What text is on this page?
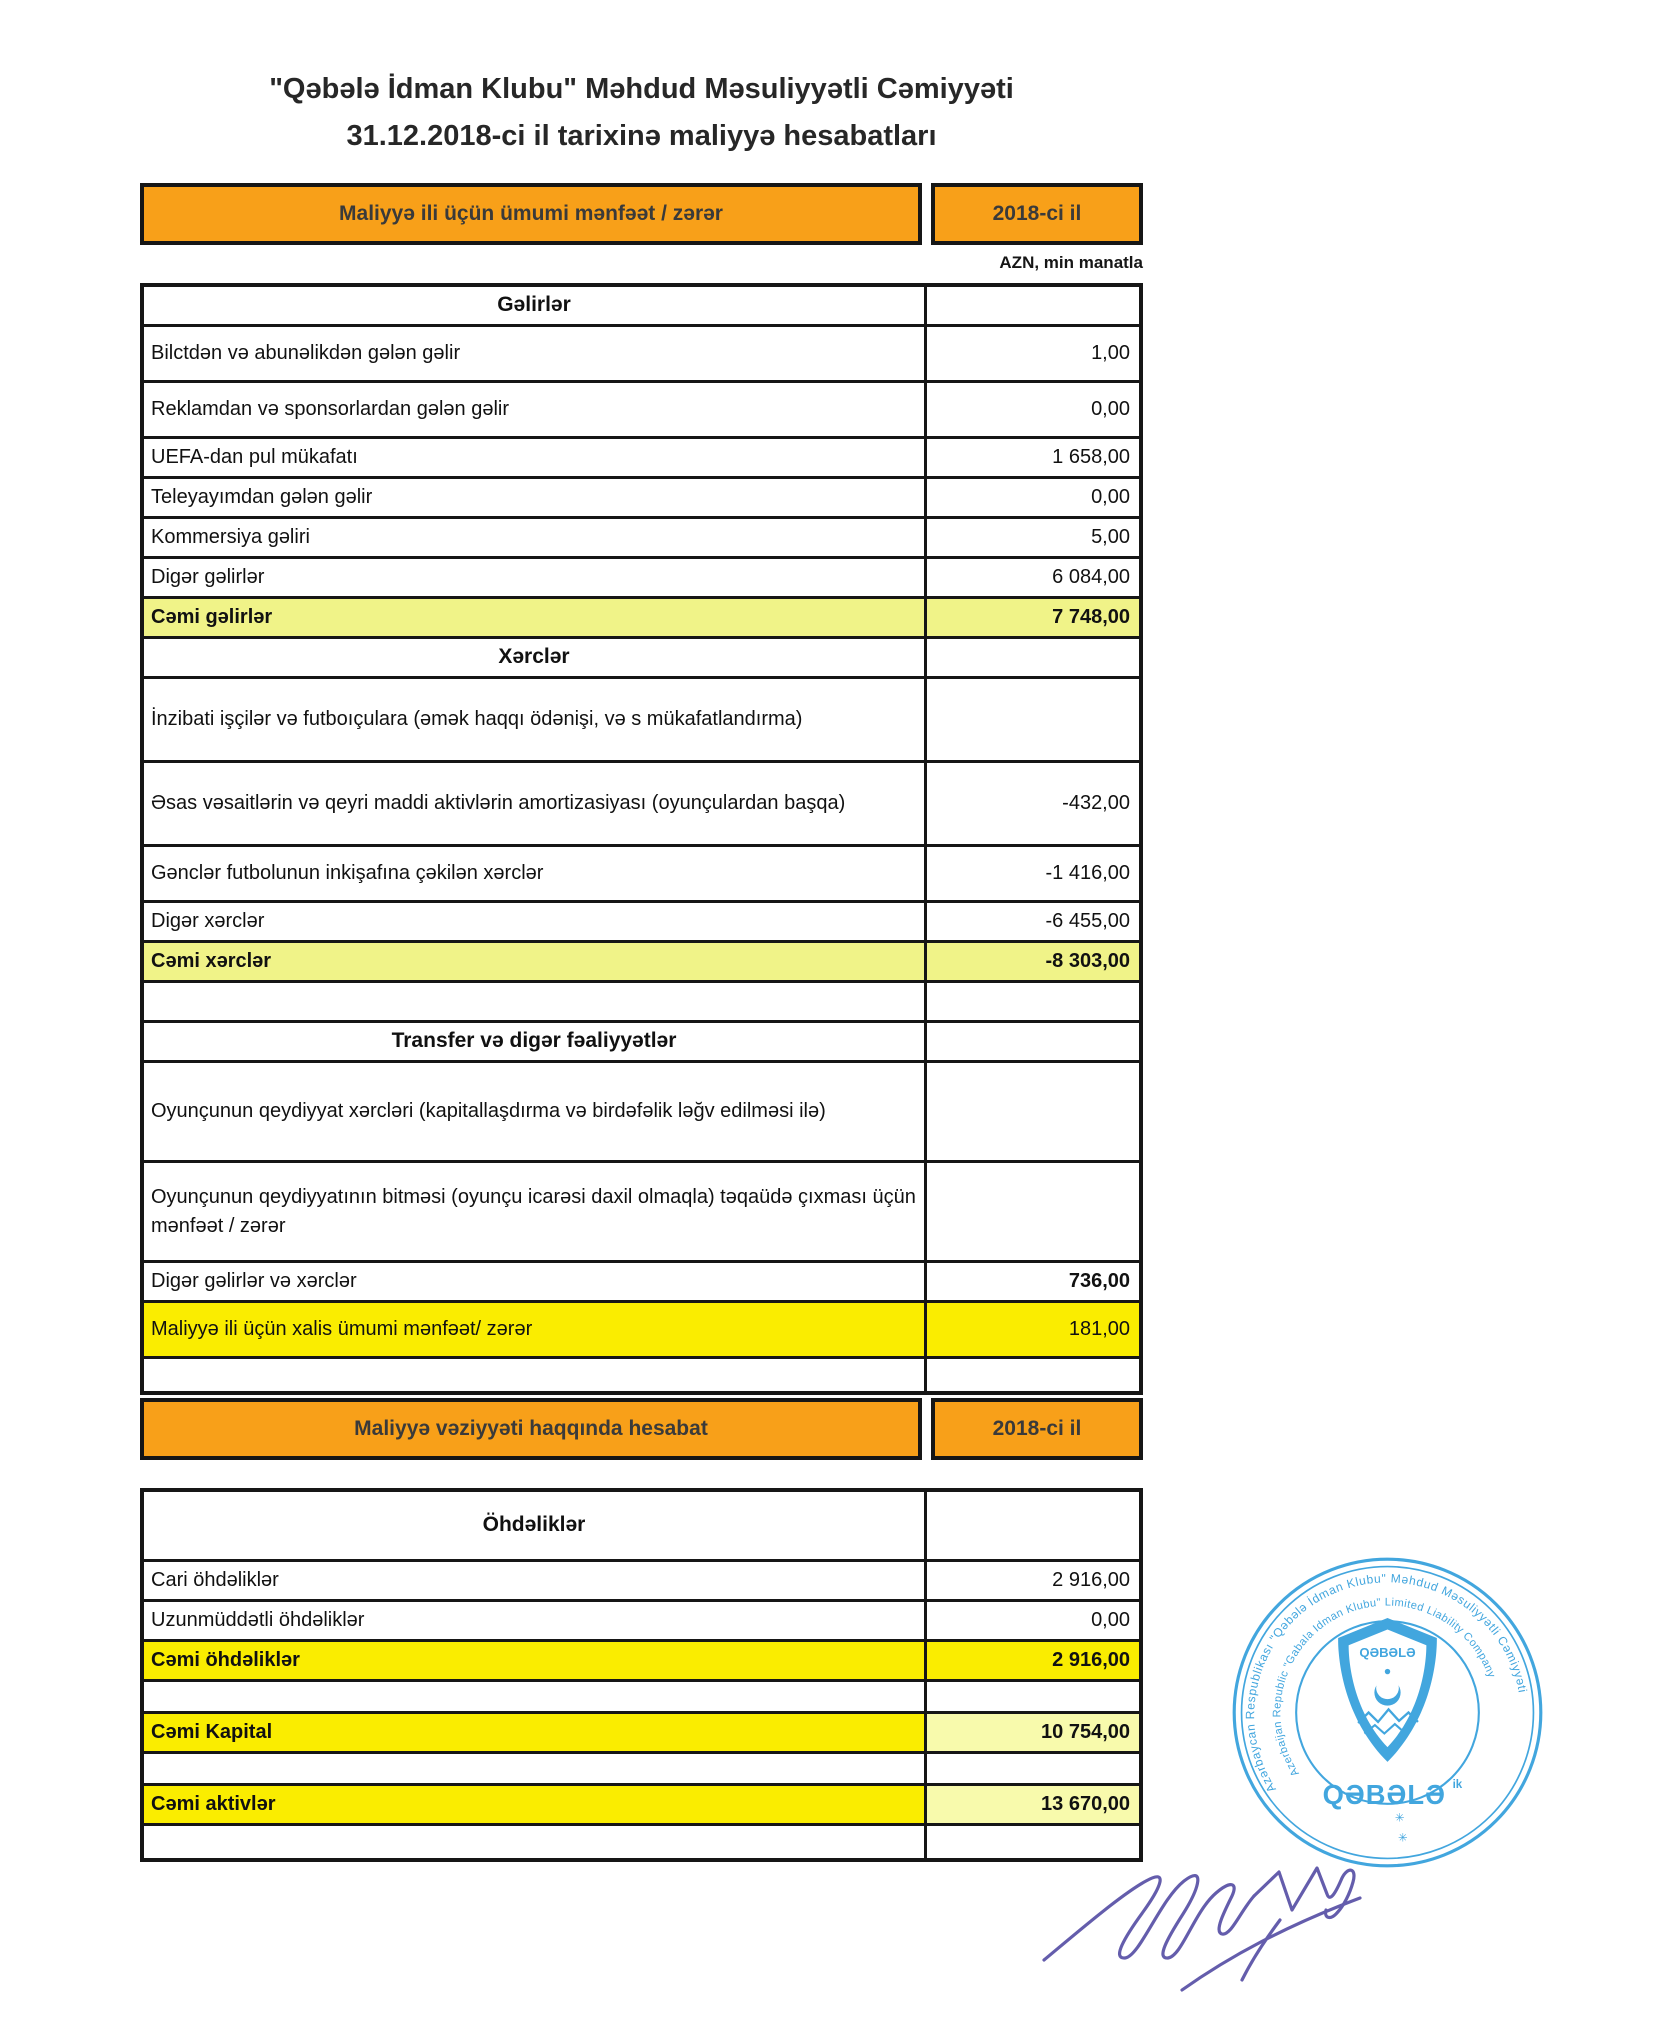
"Qəbələ İdman Klubu" Məhdud Məsuliyyətli Cəmiyyəti
31.12.2018-ci il tarixinə maliyyə hesabatları
Maliyyə ili üçün ümumi mənfəət / zərər	2018-ci il
AZN, min manatla
Gəlirlər
Bilctdən və abunəlikdən gələn gəlir	1,00
Reklamdan və sponsorlardan gələn gəlir	0,00
UEFA-dan pul mükafatı	1 658,00
Teleyayımdan gələn gəlir	0,00
Kommersiya gəliri	5,00
Digər gəlirlər	6 084,00
Cəmi gəlirlər	7 748,00
Xərclər
İnzibati işçilər və futboıçulara (əmək haqqı ödənişi, və s mükafatlandırma)
Əsas vəsaitlərin və qeyri maddi aktivlərin amortizasiyası (oyunçulardan başqa)	-432,00
Gənclər futbolunun inkişafına çəkilən xərclər	-1 416,00
Digər xərclər	-6 455,00
Cəmi xərclər	-8 303,00
Transfer və digər fəaliyyətlər
Oyunçunun qeydiyyat xərcləri (kapitallaşdırma və birdəfəlik ləğv edilməsi ilə)
Oyunçunun qeydiyyatının bitməsi (oyunçu icarəsi daxil olmaqla) təqaüdə çıxması üçün mənfəət / zərər
Digər gəlirlər və xərclər	736,00
Maliyyə ili üçün xalis ümumi mənfəət/ zərər	181,00
Maliyyə vəziyyəti haqqında hesabat	2018-ci il
Öhdəliklər
Cari öhdəliklər	2 916,00
Uzunmüddətli öhdəliklər	0,00
Cəmi öhdəliklər	2 916,00
Cəmi Kapital	10 754,00
Cəmi aktivlər	13 670,00
Azərbaycan Respublikası "Qəbələ İdman Klubu" Məhdud Məsuliyyətli Cəmiyyəti
Azerbaijan Republic "Gabala Idman Klubu" Limited Liability Company
✳
✳
QƏBƏLƏ
QƏBƏLƏ ik
